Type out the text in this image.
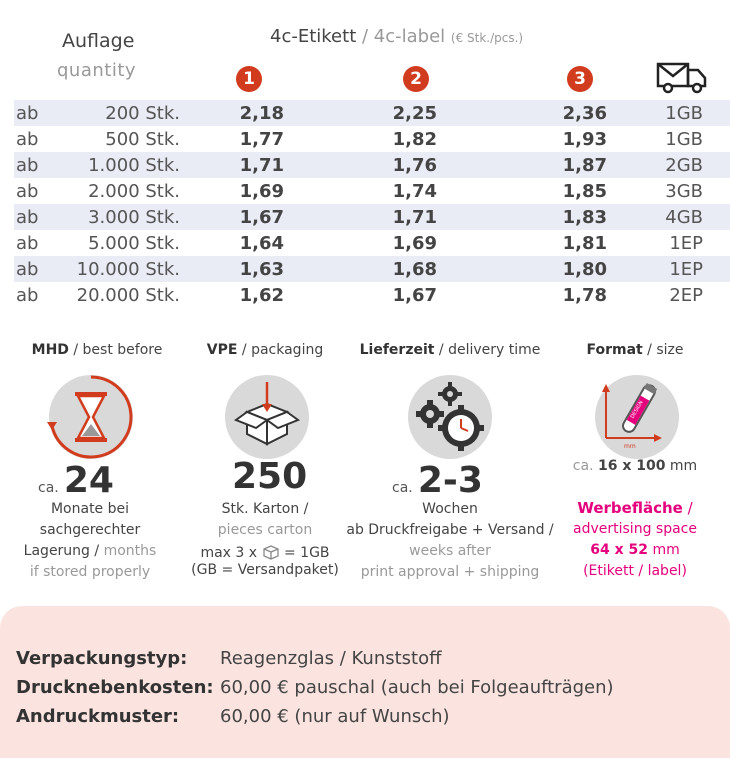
Auflage
quantity
4c-Etikett / 4c-label (€ Stk./pcs.)
1	2	3
ab	200 Stk.	2,18	2,25	2,36	1GB
ab	500 Stk.	1,77	1,82	1,93	1GB
ab	1.000 Stk.	1,71	1,76	1,87	2GB
ab	2.000 Stk.	1,69	1,74	1,85	3GB
ab	3.000 Stk.	1,67	1,71	1,83	4GB
ab	5.000 Stk.	1,64	1,69	1,81	1EP
ab 10.000 Stk.	1,63	1,68	1,80	1EP
ab 20.000 Stk.	1,62	1,67	1,78	2EP
MHD / best before
ca. 24
Monate bei
sachgerechter
Lagerung / months
if stored properly
VPE / packaging
250
Stk. Karton /
pieces carton
max 3 x = 1GB
(GB = Versandpaket)
Lieferzeit / delivery time
ca. 2-3
Wochen
ab Druckfreigabe + Versand /
weeks after
print approval + shipping
Format / size
DESIGN
mm
ca. 16 x 100 mm
Werbefläche /
advertising space
64 x 52 mm
(Etikett / label)
Verpackungstyp: Reagenzglas / Kunststoff
Drucknebenkosten: 60,00 € pauschal (auch bei Folgeaufträgen)
Andruckmuster: 60,00 € (nur auf Wunsch)
